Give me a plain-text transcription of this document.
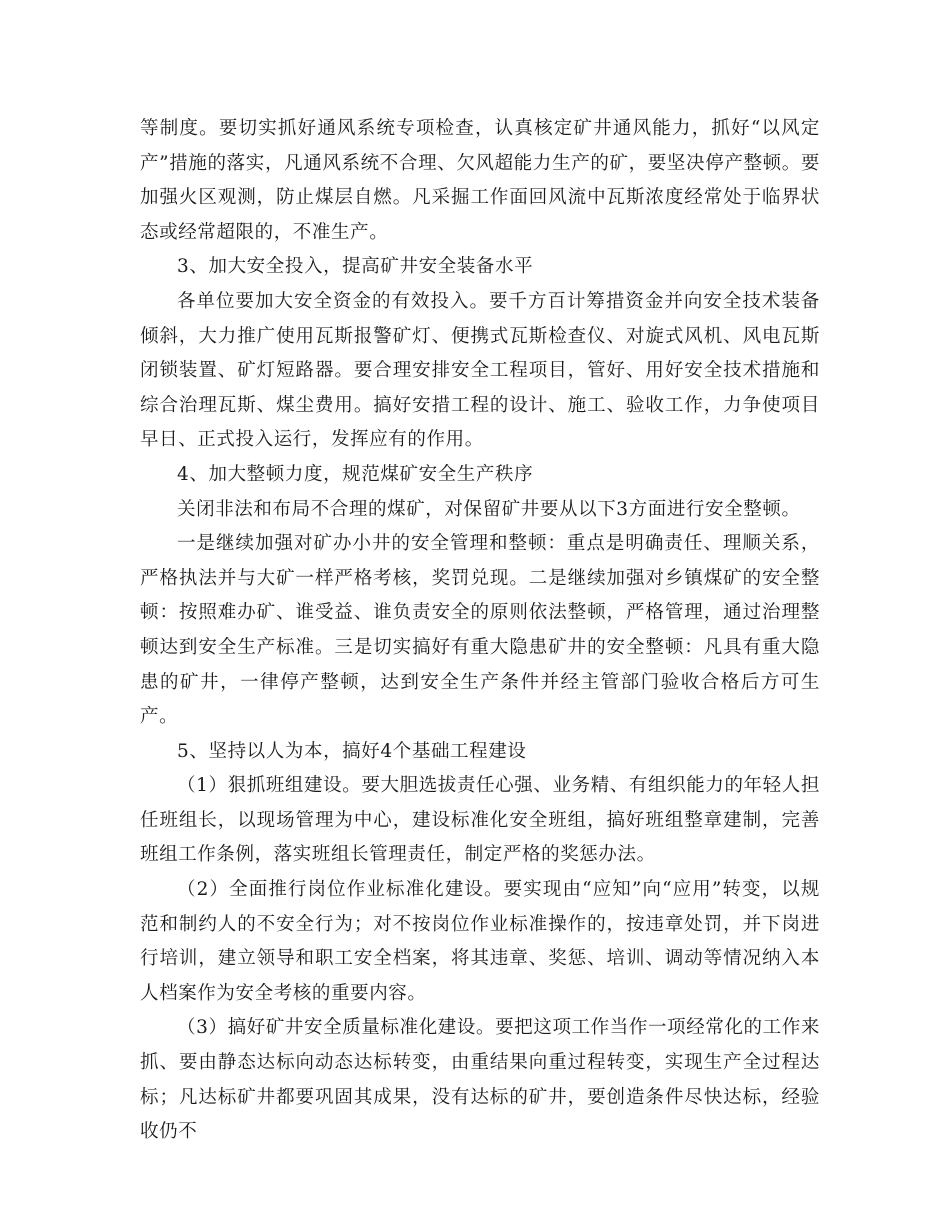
等制度。要切实抓好通风系统专项检查，认真核定矿井通风能力，抓好“以风定产”措施的落实，凡通风系统不合理、欠风超能力生产的矿，要坚决停产整顿。要加强火区观测，防止煤层自燃。凡采掘工作面回风流中瓦斯浓度经常处于临界状态或经常超限的，不准生产。

3、加大安全投入，提高矿井安全装备水平

各单位要加大安全资金的有效投入。要千方百计筹措资金并向安全技术装备倾斜，大力推广使用瓦斯报警矿灯、便携式瓦斯检查仪、对旋式风机、风电瓦斯闭锁装置、矿灯短路器。要合理安排安全工程项目，管好、用好安全技术措施和综合治理瓦斯、煤尘费用。搞好安措工程的设计、施工、验收工作，力争使项目早日、正式投入运行，发挥应有的作用。

4、加大整顿力度，规范煤矿安全生产秩序

关闭非法和布局不合理的煤矿，对保留矿井要从以下3方面进行安全整顿。

一是继续加强对矿办小井的安全管理和整顿：重点是明确责任、理顺关系，严格执法并与大矿一样严格考核，奖罚兑现。二是继续加强对乡镇煤矿的安全整顿：按照难办矿、谁受益、谁负责安全的原则依法整顿，严格管理，通过治理整顿达到安全生产标准。三是切实搞好有重大隐患矿井的安全整顿：凡具有重大隐患的矿井，一律停产整顿，达到安全生产条件并经主管部门验收合格后方可生产。

5、坚持以人为本，搞好4个基础工程建设

（1）狠抓班组建设。要大胆选拔责任心强、业务精、有组织能力的年轻人担任班组长，以现场管理为中心，建设标准化安全班组，搞好班组整章建制，完善班组工作条例，落实班组长管理责任，制定严格的奖惩办法。

（2）全面推行岗位作业标准化建设。要实现由“应知”向“应用”转变，以规范和制约人的不安全行为；对不按岗位作业标准操作的，按违章处罚，并下岗进行培训，建立领导和职工安全档案，将其违章、奖惩、培训、调动等情况纳入本人档案作为安全考核的重要内容。

（3）搞好矿井安全质量标准化建设。要把这项工作当作一项经常化的工作来抓、要由静态达标向动态达标转变，由重结果向重过程转变，实现生产全过程达标；凡达标矿井都要巩固其成果，没有达标的矿井，要创造条件尽快达标，经验收仍不
